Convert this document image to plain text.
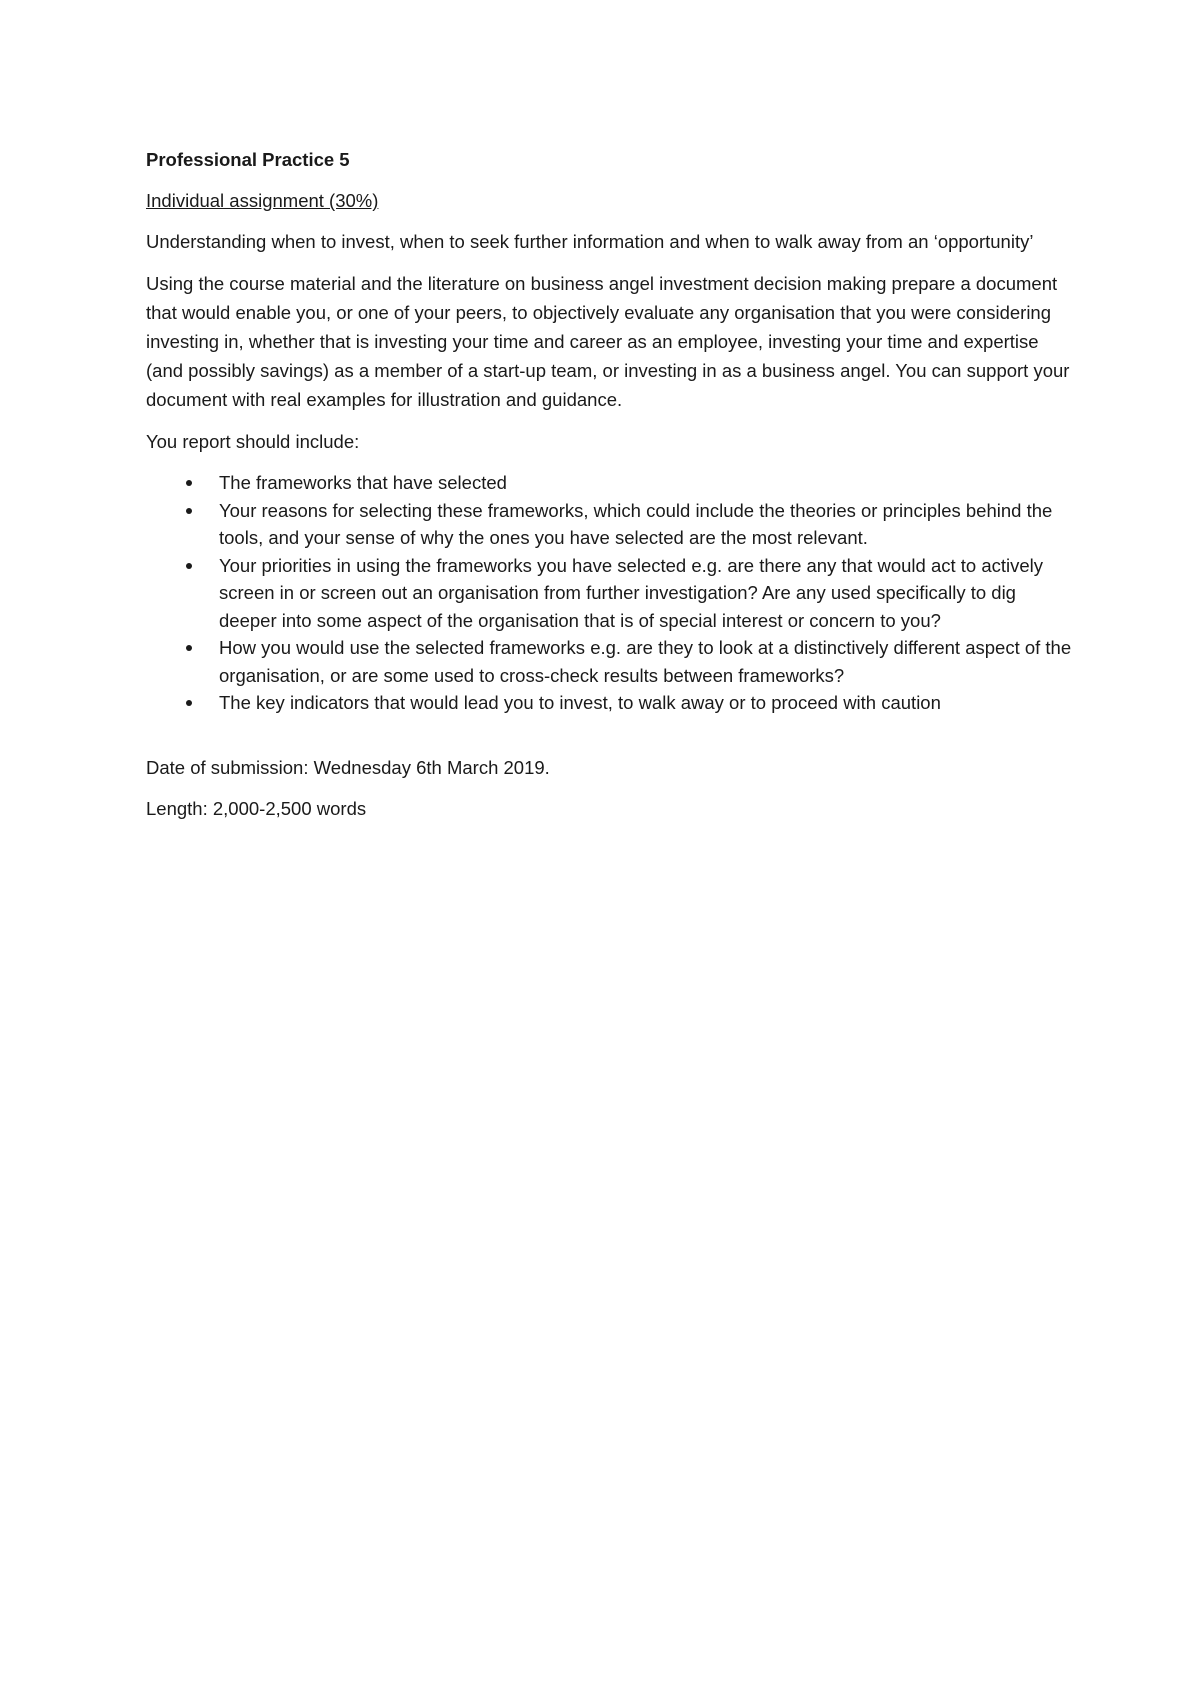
Professional Practice 5

Individual assignment (30%)

Understanding when to invest, when to seek further information and when to walk away from an ‘opportunity’

Using the course material and the literature on business angel investment decision making prepare a document that would enable you, or one of your peers, to objectively evaluate any organisation that you were considering investing in, whether that is investing your time and career as an employee, investing your time and expertise (and possibly savings) as a member of a start-up team, or investing in as a business angel. You can support your document with real examples for illustration and guidance.

You report should include:

The frameworks that have selected
Your reasons for selecting these frameworks, which could include the theories or principles behind the tools, and your sense of why the ones you have selected are the most relevant.
Your priorities in using the frameworks you have selected e.g. are there any that would act to actively screen in or screen out an organisation from further investigation? Are any used specifically to dig deeper into some aspect of the organisation that is of special interest or concern to you?
How you would use the selected frameworks e.g. are they to look at a distinctively different aspect of the organisation, or are some used to cross-check results between frameworks?
The key indicators that would lead you to invest, to walk away or to proceed with caution

Date of submission: Wednesday 6th March 2019.

Length: 2,000-2,500 words
